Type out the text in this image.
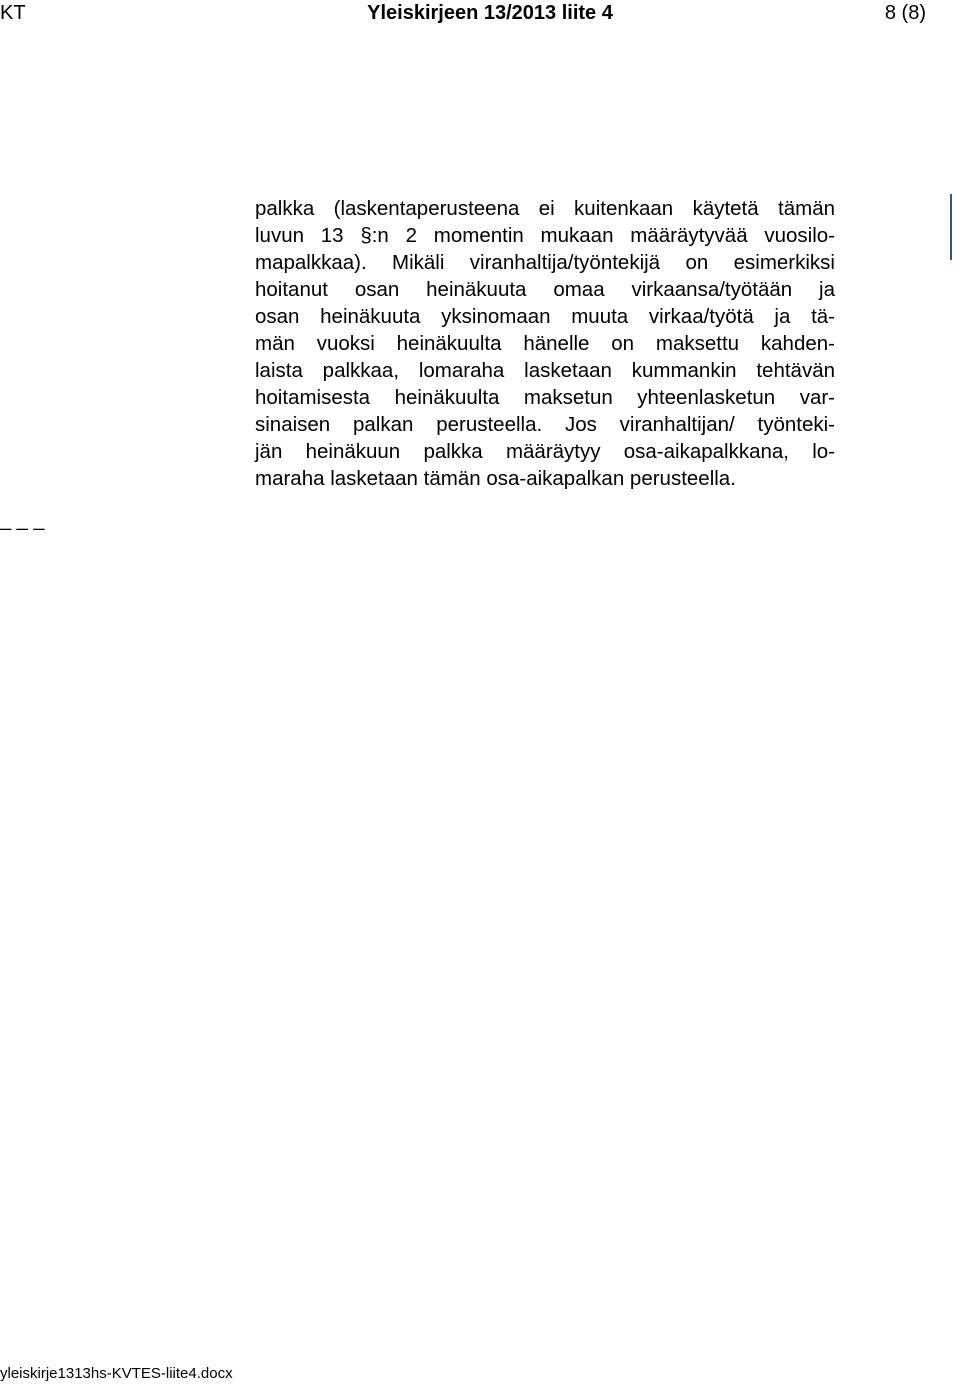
KT	Yleiskirjeen 13/2013 liite 4	8 (8)
palkka (laskentaperusteena ei kuitenkaan käytetä tämän
luvun 13 §:n 2 momentin mukaan määräytyvää vuosilo-
mapalkkaa). Mikäli viranhaltija/työntekijä on esimerkiksi
hoitanut osan heinäkuuta omaa virkaansa/työtään ja
osan heinäkuuta yksinomaan muuta virkaa/työtä ja tä-
män vuoksi heinäkuulta hänelle on maksettu kahden-
laista palkkaa, lomaraha lasketaan kummankin tehtävän
hoitamisesta heinäkuulta maksetun yhteenlasketun var-
sinaisen palkan perusteella. Jos viranhaltijan/ työnteki-
jän heinäkuun palkka määräytyy osa-aikapalkkana, lo-
maraha lasketaan tämän osa-aikapalkan perusteella.
_ _ _
yleiskirje1313hs-KVTES-liite4.docx
